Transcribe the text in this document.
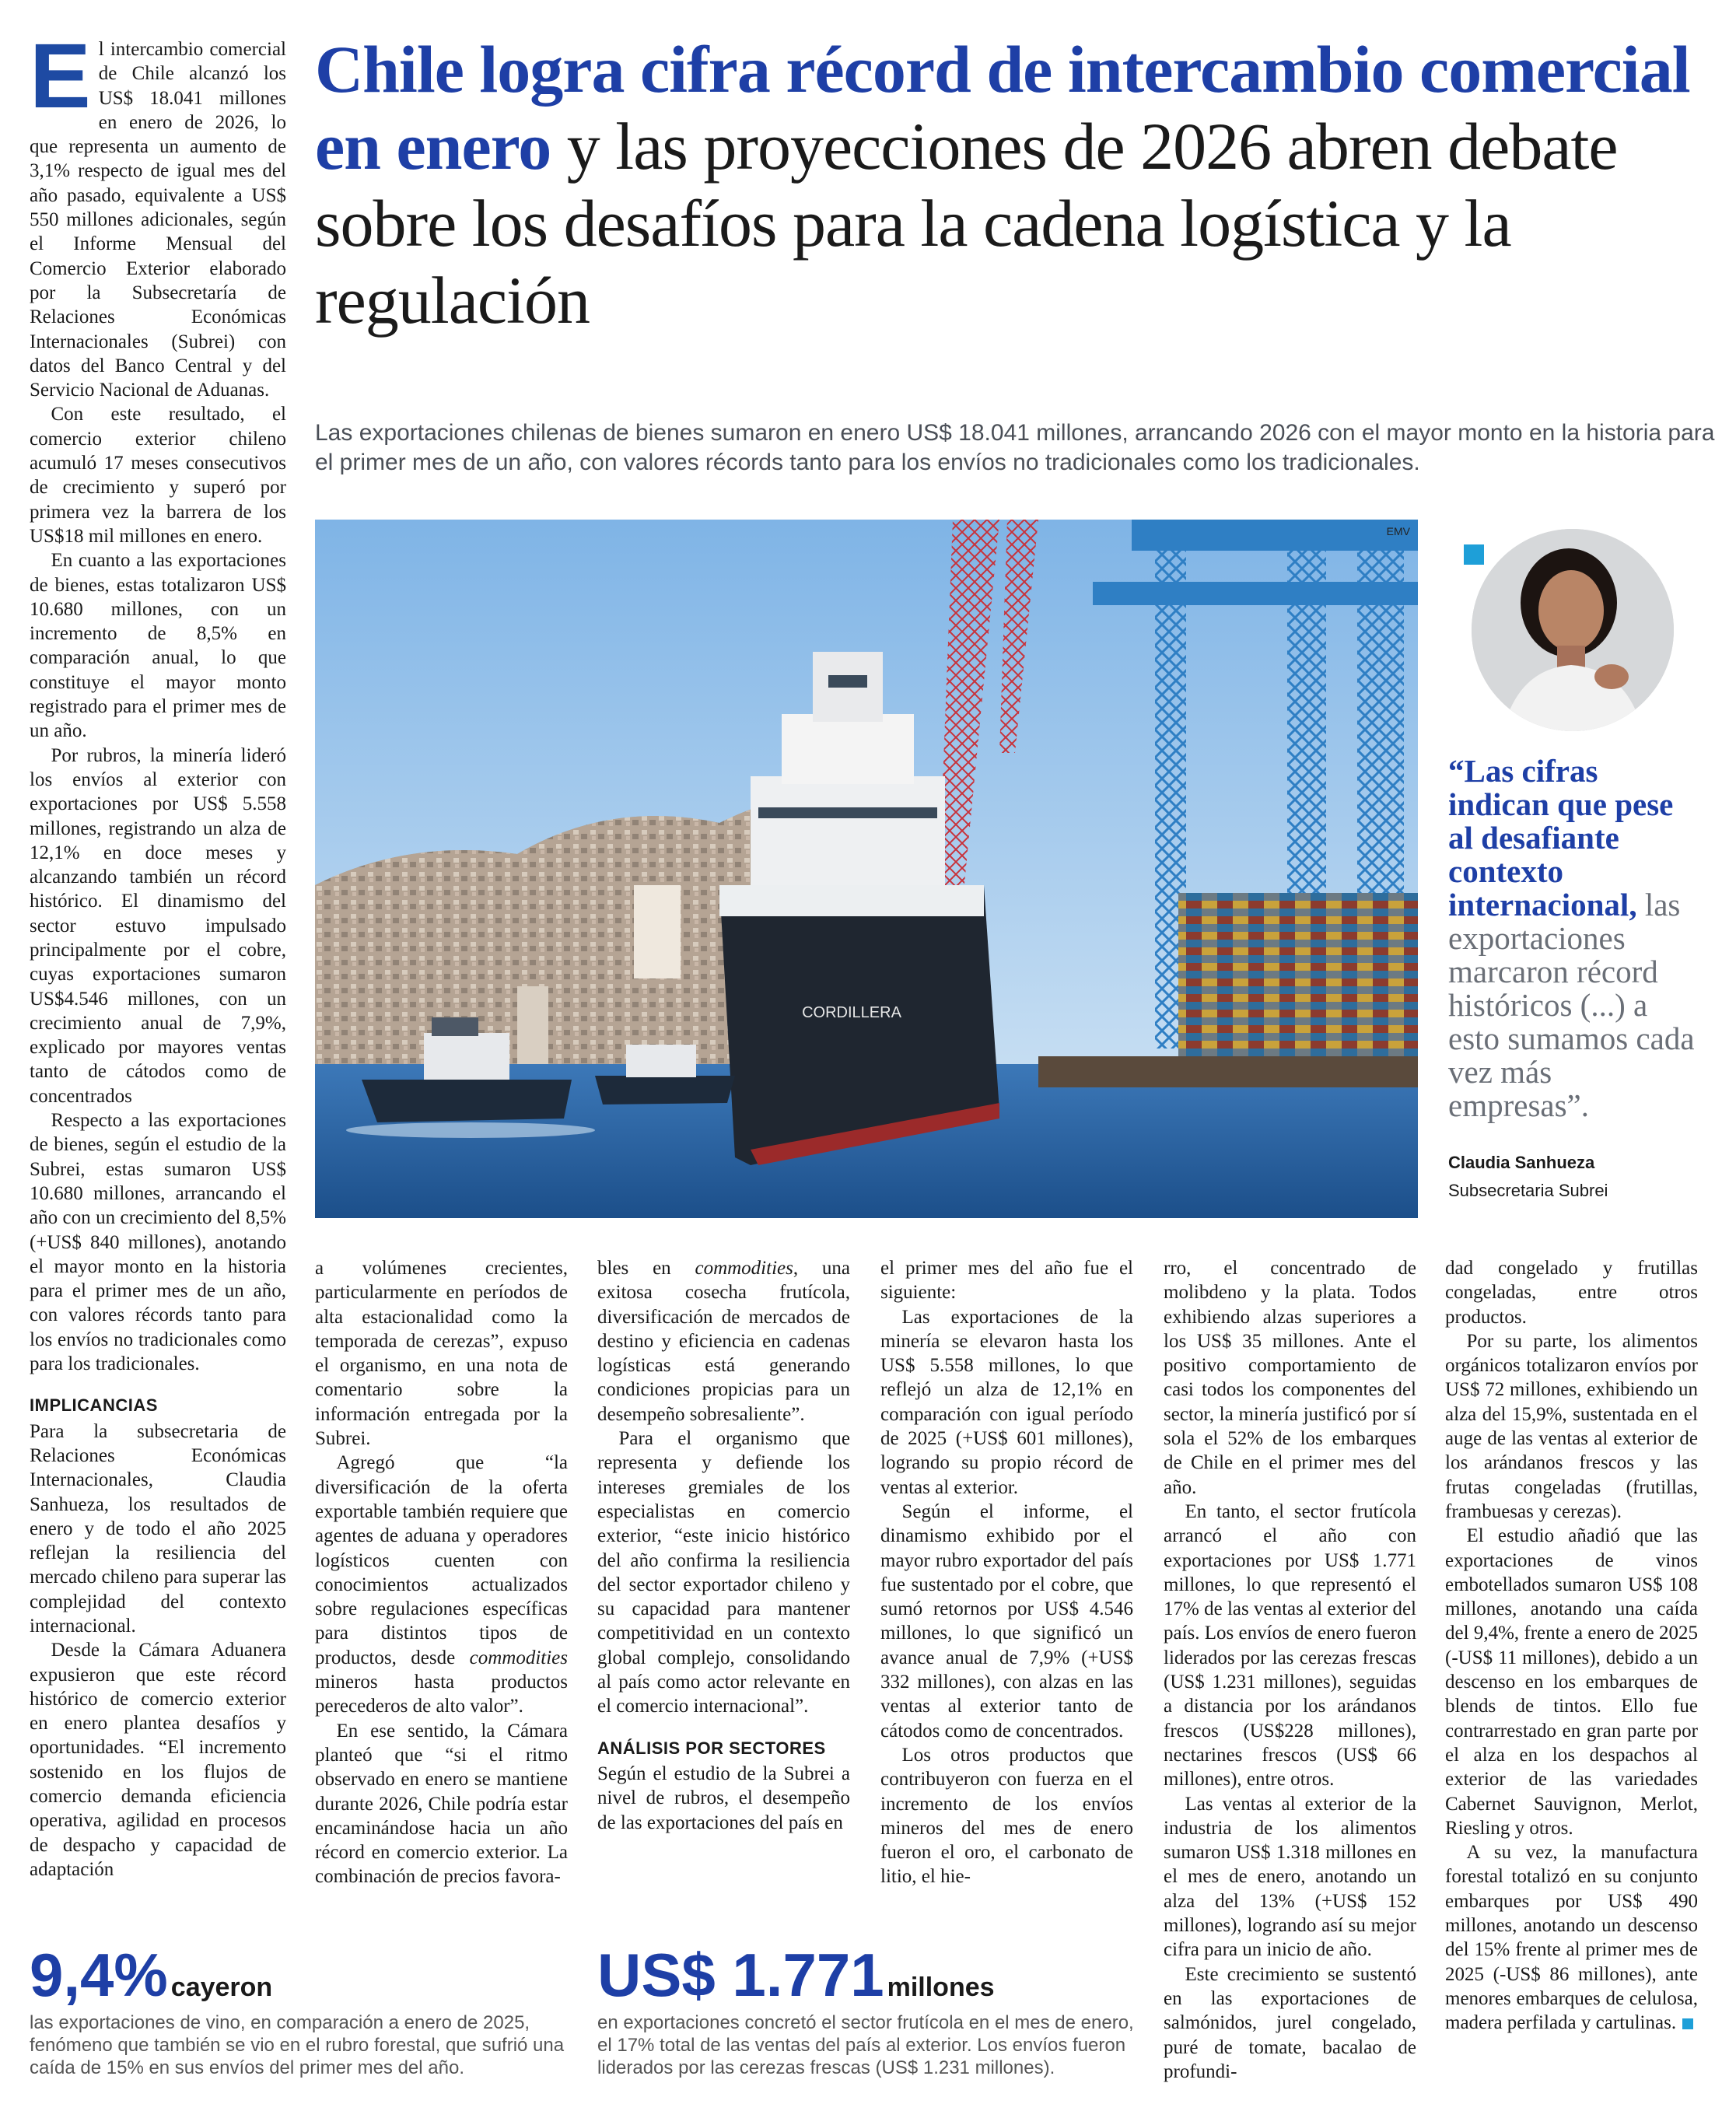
El intercambio comercial de Chile alcanzó los US$ 18.041 millones en enero de 2026, lo que representa un aumento de 3,1% respecto de igual mes del año pasado, equivalente a US$ 550 millones adicionales, según el Informe Mensual del Comercio Exterior elaborado por la Subsecretaría de Relaciones Económicas Internacionales (Subrei) con datos del Banco Central y del Servicio Nacional de Aduanas.

Con este resultado, el comercio exterior chileno acumuló 17 meses consecutivos de crecimiento y superó por primera vez la barrera de los US$18 mil millones en enero.

En cuanto a las exportaciones de bienes, estas totalizaron US$ 10.680 millones, con un incremento de 8,5% en comparación anual, lo que constituye el mayor monto registrado para el primer mes de un año.

Por rubros, la minería lideró los envíos al exterior con exportaciones por US$ 5.558 millones, registrando un alza de 12,1% en doce meses y alcanzando también un récord histórico. El dinamismo del sector estuvo impulsado principalmente por el cobre, cuyas exportaciones sumaron US$4.546 millones, con un crecimiento anual de 7,9%, explicado por mayores ventas tanto de cátodos como de concentrados

Respecto a las exportaciones de bienes, según el estudio de la Subrei, estas sumaron US$ 10.680 millones, arrancando el año con un crecimiento del 8,5% (+US$ 840 millones), anotando el mayor monto en la historia para el primer mes de un año, con valores récords tanto para los envíos no tradicionales como para los tradicionales.

IMPLICANCIAS

Para la subsecretaria de Relaciones Económicas Internacionales, Claudia Sanhueza, los resultados de enero y de todo el año 2025 reflejan la resiliencia del mercado chileno para superar las complejidad del contexto internacional.

Desde la Cámara Aduanera expusieron que este récord histórico de comercio exterior en enero plantea desafíos y oportunidades. “El incremento sostenido en los flujos de comercio demanda eficiencia operativa, agilidad en procesos de despacho y capacidad de adaptación

Chile logra cifra récord de intercambio comercial en enero y las proyecciones de 2026 abren debate sobre los desafíos para la cadena logística y la regulación
Las exportaciones chilenas de bienes sumaron en enero US$ 18.041 millones, arrancando 2026 con el mayor monto en la historia para el primer mes de un año, con valores récords tanto para los envíos no tradicionales como los tradicionales.
CORDILLERA
EMV
“Las cifras indican que pese al desafiante contexto internacional, las exportaciones marcaron récord históricos (...) a esto sumamos cada vez más empresas”.
Claudia Sanhueza
Subsecretaria Subrei

a volúmenes crecientes, particularmente en períodos de alta estacionalidad como la temporada de cerezas”, expuso el organismo, en una nota de comentario sobre la información entregada por la Subrei.

Agregó que “la diversificación de la oferta exportable también requiere que agentes de aduana y operadores logísticos cuenten con conocimientos actualizados sobre regulaciones específicas para distintos tipos de productos, desde commodities mineros hasta productos perecederos de alto valor”.

En ese sentido, la Cámara planteó que “si el ritmo observado en enero se mantiene durante 2026, Chile podría estar encaminándose hacia un año récord en comercio exterior. La combinación de precios favora-

bles en commodities, una exitosa cosecha frutícola, diversificación de mercados de destino y eficiencia en cadenas logísticas está generando condiciones propicias para un desempeño sobresaliente”.

Para el organismo que representa y defiende los intereses gremiales de los especialistas en comercio exterior, “este inicio histórico del año confirma la resiliencia del sector exportador chileno y su capacidad para mantener competitividad en un contexto global complejo, consolidando al país como actor relevante en el comercio internacional”.

ANÁLISIS POR SECTORES

Según el estudio de la Subrei a nivel de rubros, el desempeño de las exportaciones del país en

el primer mes del año fue el siguiente:

Las exportaciones de la minería se elevaron hasta los US$ 5.558 millones, lo que reflejó un alza de 12,1% en comparación con igual período de 2025 (+US$ 601 millones), logrando su propio récord de ventas al exterior.

Según el informe, el dinamismo exhibido por el mayor rubro exportador del país fue sustentado por el cobre, que sumó retornos por US$ 4.546 millones, lo que significó un avance anual de 7,9% (+US$ 332 millones), con alzas en las ventas al exterior tanto de cátodos como de concentrados.

Los otros productos que contribuyeron con fuerza en el incremento de los envíos mineros del mes de enero fueron el oro, el carbonato de litio, el hie-

rro, el concentrado de molibdeno y la plata. Todos exhibiendo alzas superiores a los US$ 35 millones. Ante el positivo comportamiento de casi todos los componentes del sector, la minería justificó por sí sola el 52% de los embarques de Chile en el primer mes del año.

En tanto, el sector frutícola arrancó el año con exportaciones por US$ 1.771 millones, lo que representó el 17% de las ventas al exterior del país. Los envíos de enero fueron liderados por las cerezas frescas (US$ 1.231 millones), seguidas a distancia por los arándanos frescos (US$228 millones), nectarines frescos (US$ 66 millones), entre otros.

Las ventas al exterior de la industria de los alimentos sumaron US$ 1.318 millones en el mes de enero, anotando un alza del 13% (+US$ 152 millones), logrando así su mejor cifra para un inicio de año.

Este crecimiento se sustentó en las exportaciones de salmónidos, jurel congelado, puré de tomate, bacalao de profundi-

dad congelado y frutillas congeladas, entre otros productos.

Por su parte, los alimentos orgánicos totalizaron envíos por US$ 72 millones, exhibiendo un alza del 15,9%, sustentada en el auge de las ventas al exterior de los arándanos frescos y las frutas congeladas (frutillas, frambuesas y cerezas).

El estudio añadió que las exportaciones de vinos embotellados sumaron US$ 108 millones, anotando una caída del 9,4%, frente a enero de 2025 (-US$ 11 millones), debido a un descenso en los embarques de blends de tintos. Ello fue contrarrestado en gran parte por el alza en los despachos al exterior de las variedades Cabernet Sauvignon, Merlot, Riesling y otros.

A su vez, la manufactura forestal totalizó en su conjunto embarques por US$ 490 millones, anotando un descenso del 15% frente al primer mes de 2025 (-US$ 86 millones), ante menores embarques de celulosa, madera perfilada y cartulinas.

9,4% cayeron
las exportaciones de vino, en comparación a enero de 2025, fenómeno que también se vio en el rubro forestal, que sufrió una caída de 15% en sus envíos del primer mes del año.
US$ 1.771 millones
en exportaciones concretó el sector frutícola en el mes de enero, el 17% total de las ventas del país al exterior. Los envíos fueron liderados por las cerezas frescas (US$ 1.231 millones).
